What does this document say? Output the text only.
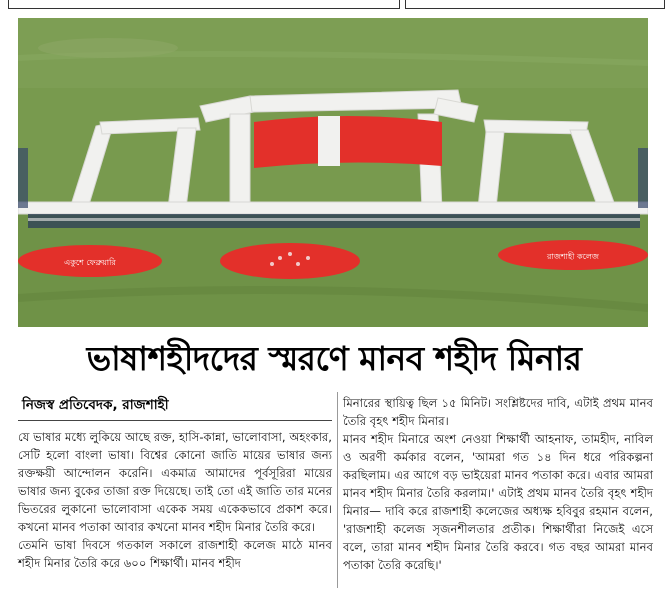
একুশে ফেব্রুয়ারি
রাজশাহী কলেজ
ভাষাশহীদদের স্মরণে মানব শহীদ মিনার
নিজস্ব প্রতিবেদক, রাজশাহী

যে ভাষার মধ্যে লুকিয়ে আছে রক্ত, হাসি-কান্না, ভালোবাসা, অহংকার, সেটি হলো বাংলা ভাষা। বিশ্বের কোনো জাতি মায়ের ভাষার জন্য রক্তক্ষয়ী আন্দোলন করেনি। একমাত্র আমাদের পূর্বসূরিরা মায়ের ভাষার জন্য বুকের তাজা রক্ত দিয়েছে। তাই তো এই জাতি তার মনের ভিতরের লুকানো ভালোবাসা একেক সময় একেকভাবে প্রকাশ করে। কখনো মানব পতাকা আবার কখনো মানব শহীদ মিনার তৈরি করে।

তেমনি ভাষা দিবসে গতকাল সকালে রাজশাহী কলেজ মাঠে মানব শহীদ মিনার তৈরি করে ৬০০ শিক্ষার্থী। মানব শহীদ

মিনারের স্থায়িত্ব ছিল ১৫ মিনিট। সংশ্লিষ্টদের দাবি, এটাই প্রথম মানব তৈরি বৃহৎ শহীদ মিনার।

মানব শহীদ মিনারে অংশ নেওয়া শিক্ষার্থী আহনাফ, তামহীদ, নাবিল ও অরণী কর্মকার বলেন, 'আমরা গত ১৪ দিন ধরে পরিকল্পনা করছিলাম। এর আগে বড় ভাইয়েরা মানব পতাকা করে। এবার আমরা মানব শহীদ মিনার তৈরি করলাম।' এটাই প্রথম মানব তৈরি বৃহৎ শহীদ মিনার— দাবি করে রাজশাহী কলেজের অধ্যক্ষ হবিবুর রহমান বলেন, 'রাজশাহী কলেজ সৃজনশীলতার প্রতীক। শিক্ষার্থীরা নিজেই এসে বলে, তারা মানব শহীদ মিনার তৈরি করবে। গত বছর আমরা মানব পতাকা তৈরি করেছি।'
